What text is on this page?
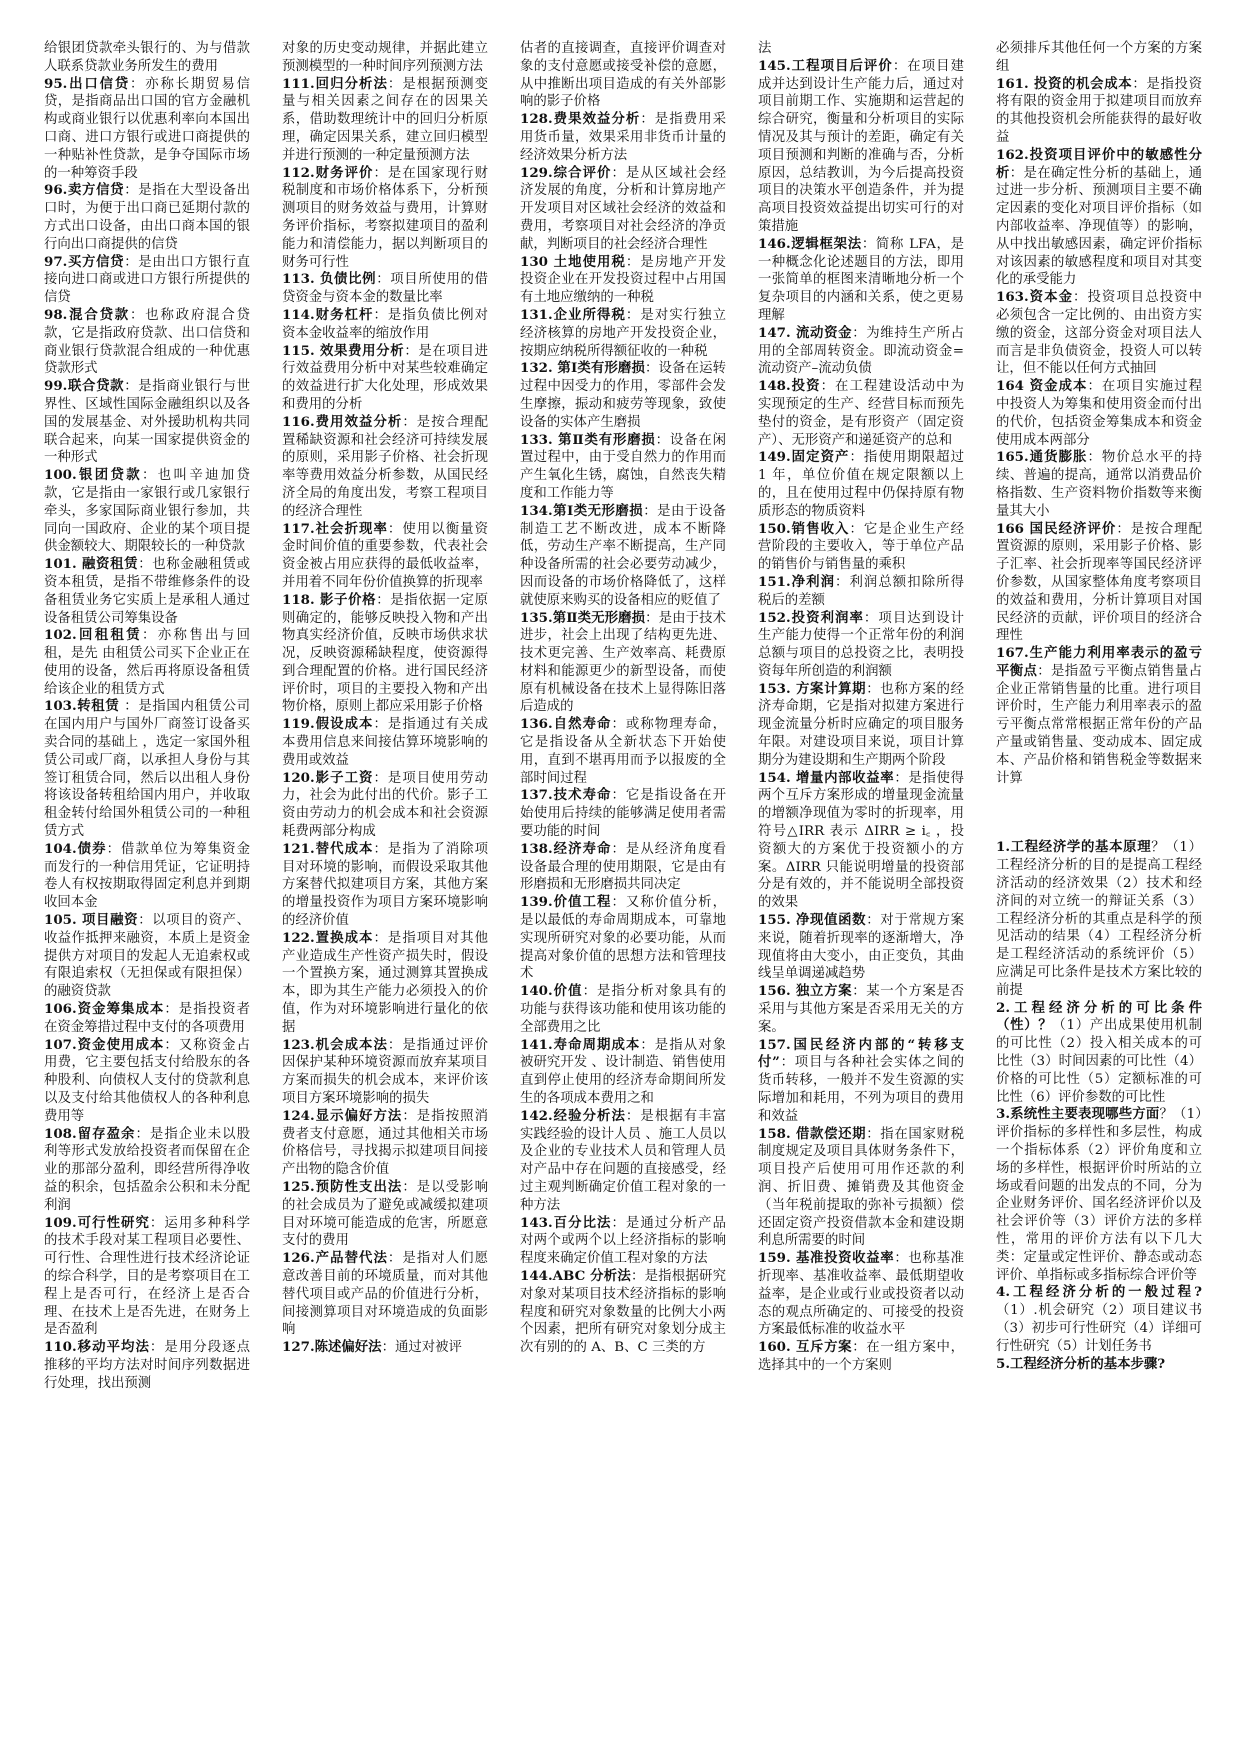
给银团贷款牵头银行的、为与借款人联系贷款业务所发生的费用

95.出口信贷：亦称长期贸易信贷，是指商品出口国的官方金融机构或商业银行以优惠利率向本国出口商、进口方银行或进口商提供的一种贴补性贷款，是争夺国际市场的一种筹资手段

96.卖方信贷：是指在大型设备出口时，为便于出口商已延期付款的方式出口设备，由出口商本国的银行向出口商提供的信贷

97.买方信贷：是由出口方银行直接向进口商或进口方银行所提供的信贷

98.混合贷款：也称政府混合贷款，它是指政府贷款、出口信贷和商业银行贷款混合组成的一种优惠贷款形式

99.联合贷款：是指商业银行与世界性、区域性国际金融组织以及各国的发展基金、对外援助机构共同联合起来，向某一国家提供资金的一种形式

100.银团贷款：也叫辛迪加贷款，它是指由一家银行或几家银行牵头，多家国际商业银行参加，共同向一国政府、企业的某个项目提供金额较大、期限较长的一种贷款

101. 融资租赁：也称金融租赁或资本租赁，是指不带维修条件的设备租赁业务它实质上是承租人通过设备租赁公司筹集设备

102.回租租赁：亦称售出与回租，是先 由租赁公司买下企业正在使用的设备，然后再将原设备租赁给该企业的租赁方式

103.转租赁 ：是指国内租赁公司在国内用户与国外厂商签订设备买卖合同的基础上 ，选定一家国外租赁公司或厂商，以承担人身份与其签订租赁合同，然后以出租人身份将该设备转租给国内用户，并收取租金转付给国外租赁公司的一种租赁方式

104.债券：借款单位为筹集资金而发行的一种信用凭证，它证明持卷人有权按期取得固定利息并到期收回本金

105. 项目融资：以项目的资产、收益作抵押来融资，本质上是资金提供方对项目的发起人无追索权或有限追索权（无担保或有限担保）的融资贷款

106.资金筹集成本：是指投资者在资金筹措过程中支付的各项费用

107.资金使用成本：又称资金占用费，它主要包括支付给股东的各种股利、向债权人支付的贷款利息以及支付给其他债权人的各种利息费用等

108.留存盈余：是指企业未以股利等形式发放给投资者而保留在企业的那部分盈利，即经营所得净收益的积余，包括盈余公积和未分配利润

109.可行性研究：运用多种科学的技术手段对某工程项目必要性、可行性、合理性进行技术经济论证的综合科学，目的是考察项目在工程上是否可行，在经济上是否合理、在技术上是否先进，在财务上是否盈利

110.移动平均法：是用分段逐点推移的平均方法对时间序列数据进行处理，找出预测

对象的历史变动规律，并据此建立预测模型的一种时间序列预测方法

111.回归分析法：是根据预测变量与相关因素之间存在的因果关系，借助数理统计中的回归分析原理，确定因果关系，建立回归模型并进行预测的一种定量预测方法

112.财务评价：是在国家现行财税制度和市场价格体系下，分析预测项目的财务效益与费用，计算财务评价指标，考察拟建项目的盈利能力和清偿能力，据以判断项目的财务可行性

113. 负债比例：项目所使用的借贷资金与资本金的数量比率

114.财务杠杆：是指负债比例对资本金收益率的缩放作用

115. 效果费用分析：是在项目进行效益费用分析中对某些较难确定的效益进行扩大化处理，形成效果和费用的分析

116.费用效益分析：是按合理配置稀缺资源和社会经济可持续发展的原则，采用影子价格、社会折现率等费用效益分析参数，从国民经济全局的角度出发，考察工程项目的经济合理性

117.社会折现率：使用以衡量资金时间价值的重要参数，代表社会资金被占用应获得的最低收益率，并用着不同年份价值换算的折现率

118. 影子价格：是指依据一定原则确定的，能够反映投入物和产出物真实经济价值，反映市场供求状况，反映资源稀缺程度，使资源得到合理配置的价格。进行国民经济评价时，项目的主要投入物和产出物价格，原则上都应采用影子价格

119.假设成本：是指通过有关成本费用信息来间接估算环境影响的费用或效益

120.影子工资：是项目使用劳动力，社会为此付出的代价。影子工资由劳动力的机会成本和社会资源耗费两部分构成

121.替代成本：是指为了消除项目对环境的影响，而假设采取其他方案替代拟建项目方案，其他方案的增量投资作为项目方案环境影响的经济价值

122.置换成本：是指项目对其他产业造成生产性资产损失时，假设一个置换方案，通过测算其置换成本，即为其生产能力必须投入的价值，作为对环境影响进行量化的依据

123.机会成本法：是指通过评价因保护某种环境资源而放弃某项目方案而损失的机会成本，来评价该项目方案环境影响的损失

124.显示偏好方法：是指按照消费者支付意愿，通过其他相关市场价格信号，寻找揭示拟建项目间接产出物的隐含价值

125.预防性支出法：是以受影响的社会成员为了避免或减缓拟建项目对环境可能造成的危害，所愿意支付的费用

126.产品替代法：是指对人们愿意改善目前的环境质量，而对其他替代项目或产品的价值进行分析，间接测算项目对环境造成的负面影响

127.陈述偏好法：通过对被评

估者的直接调查，直接评价调查对象的支付意愿或接受补偿的意愿，从中推断出项目造成的有关外部影响的影子价格

128.费果效益分析：是指费用采用货币量，效果采用非货币计量的经济效果分析方法

129.综合评价：是从区域社会经济发展的角度，分析和计算房地产开发项目对区域社会经济的效益和费用，考察项目对社会经济的净贡献，判断项目的社会经济合理性

130 土地使用税：是房地产开发投资企业在开发投资过程中占用国有土地应缴纳的一种税

131.企业所得税：是对实行独立经济核算的房地产开发投资企业，按期应纳税所得额征收的一种税

132. 第Ⅰ类有形磨损：设备在运转过程中因受力的作用，零部件会发生摩擦，振动和疲劳等现象，致使设备的实体产生磨损

133. 第Ⅱ类有形磨损：设备在闲置过程中，由于受自然力的作用而产生氧化生锈，腐蚀，自然丧失精度和工作能力等

134.第Ⅰ类无形磨损：是由于设备制造工艺不断改进，成本不断降低，劳动生产率不断提高，生产同种设备所需的社会必要劳动减少，因而设备的市场价格降低了，这样就使原来购买的设备相应的贬值了

135.第Ⅱ类无形磨损：是由于技术进步，社会上出现了结构更先进、技术更完善、生产效率高、耗费原材料和能源更少的新型设备，而使原有机械设备在技术上显得陈旧落后造成的

136.自然寿命：或称物理寿命，它是指设备从全新状态下开始使用，直到不堪再用而予以报废的全部时间过程

137.技术寿命：它是指设备在开始使用后持续的能够满足使用者需要功能的时间

138.经济寿命：是从经济角度看设备最合理的使用期限，它是由有形磨损和无形磨损共同决定

139.价值工程：又称价值分析，是以最低的寿命周期成本，可靠地实现所研究对象的必要功能，从而提高对象价值的思想方法和管理技术

140.价值：是指分析对象具有的功能与获得该功能和使用该功能的全部费用之比

141.寿命周期成本：是指从对象被研究开发 、设计制造、销售使用直到停止使用的经济寿命期间所发生的各项成本费用之和

142.经验分析法：是根据有丰富实践经验的设计人员 、施工人员以及企业的专业技术人员和管理人员对产品中存在问题的直接感受，经过主观判断确定价值工程对象的一种方法

143.百分比法：是通过分析产品对两个或两个以上经济指标的影响程度来确定价值工程对象的方法

144.ABC 分析法：是指根据研究对象对某项目技术经济指标的影响程度和研究对象数量的比例大小两个因素，把所有研究对象划分成主次有别的的 A、B、C 三类的方

法

145.工程项目后评价：在项目建成并达到设计生产能力后，通过对项目前期工作、实施期和运营起的综合研究，衡量和分析项目的实际情况及其与预计的差距，确定有关项目预测和判断的准确与否，分析原因，总结教训，为今后提高投资项目的决策水平创造条件，并为提高项目投资效益提出切实可行的对策措施

146.逻辑框架法：简称 LFA，是一种概念化论述题目的方法，即用一张简单的框图来清晰地分析一个复杂项目的内涵和关系，使之更易理解

147. 流动资金：为维持生产所占用的全部周转资金。即流动资金=流动资产–流动负债

148.投资：在工程建设活动中为实现预定的生产、经营目标而预先垫付的资金，是有形资产（固定资产）、无形资产和递延资产的总和

149.固定资产：指使用期限超过 1 年，单位价值在规定限额以上的，且在使用过程中仍保持原有物质形态的物质资料

150.销售收入：它是企业生产经营阶段的主要收入，等于单位产品的销售价与销售量的乘积

151.净利润：利润总额扣除所得税后的差额

152.投资利润率：项目达到设计生产能力使得一个正常年份的利润总额与项目的总投资之比，表明投资每年所创造的利润额

153. 方案计算期：也称方案的经济寿命期，它是指对拟建方案进行现金流量分析时应确定的项目服务年限。对建设项目来说，项目计算期分为建设期和生产期两个阶段

154. 增量内部收益率：是指使得两个互斥方案形成的增量现金流量的增额净现值为零时的折现率，用符号△IRR 表示 ΔIRR ≥ i꜀ ，投资额大的方案优于投资额小的方案。ΔIRR 只能说明增量的投资部分是有效的，并不能说明全部投资的效果

155. 净现值函数：对于常规方案来说，随着折现率的逐渐增大，净现值将由大变小，由正变负，其曲线呈单调递减趋势

156. 独立方案：某一个方案是否采用与其他方案是否采用无关的方案。

157.国民经济内部的“转移支付”：项目与各种社会实体之间的货币转移，一般并不发生资源的实际增加和耗用，不列为项目的费用和效益

158. 借款偿还期：指在国家财税制度规定及项目具体财务条件下，项目投产后使用可用作还款的利润、折旧费、摊销费及其他资金（当年税前提取的弥补亏损额）偿还固定资产投资借款本金和建设期利息所需要的时间

159. 基准投资收益率：也称基准折现率、基准收益率、最低期望收益率，是企业或行业或投资者以动态的观点所确定的、可接受的投资方案最低标准的收益水平

160. 互斥方案：在一组方案中，选择其中的一个方案则

必须排斥其他任何一个方案的方案组

161. 投资的机会成本：是指投资将有限的资金用于拟建项目而放弃的其他投资机会所能获得的最好收益

162.投资项目评价中的敏感性分析：是在确定性分析的基础上，通过进一步分析、预测项目主要不确定因素的变化对项目评价指标（如内部收益率、净现值等）的影响，从中找出敏感因素，确定评价指标对该因素的敏感程度和项目对其变化的承受能力

163.资本金：投资项目总投资中必须包含一定比例的、由出资方实缴的资金，这部分资金对项目法人而言是非负债资金，投资人可以转让，但不能以任何方式抽回

164 资金成本：在项目实施过程中投资人为筹集和使用资金而付出的代价，包括资金筹集成本和资金使用成本两部分

165.通货膨胀：物价总水平的持续、普遍的提高，通常以消费品价格指数、生产资料物价指数等来衡量其大小

166 国民经济评价：是按合理配置资源的原则，采用影子价格、影子汇率、社会折现率等国民经济评价参数，从国家整体角度考察项目的效益和费用，分析计算项目对国民经济的贡献，评价项目的经济合理性

167.生产能力利用率表示的盈亏平衡点：是指盈亏平衡点销售量占企业正常销售量的比重。进行项目评价时，生产能力利用率表示的盈亏平衡点常常根据正常年份的产品产量或销售量、变动成本、固定成本、产品价格和销售税金等数据来计算

1.工程经济学的基本原理？（1）工程经济分析的目的是提高工程经济活动的经济效果（2）技术和经济间的对立统一的辩证关系（3）工程经济分析的其重点是科学的预见活动的结果（4）工程经济分析是工程经济活动的系统评价（5）应满足可比条件是技术方案比较的前提

2.工程经济分析的可比条件（性）？（1）产出成果使用机制的可比性（2）投入相关成本的可比性（3）时间因素的可比性（4）价格的可比性（5）定额标准的可比性（6）评价参数的可比性

3.系统性主要表现哪些方面？（1）评价指标的多样性和多层性，构成一个指标体系（2）评价角度和立场的多样性，根据评价时所站的立场或看问题的出发点的不同，分为企业财务评价、国名经济评价以及社会评价等（3）评价方法的多样性，常用的评价方法有以下几大类：定量或定性评价、静态或动态评价、单指标或多指标综合评价等

4.工程经济分析的一般过程?（1）.机会研究（2）项目建议书（3）初步可行性研究（4）详细可行性研究（5）计划任务书

5.工程经济分析的基本步骤?
